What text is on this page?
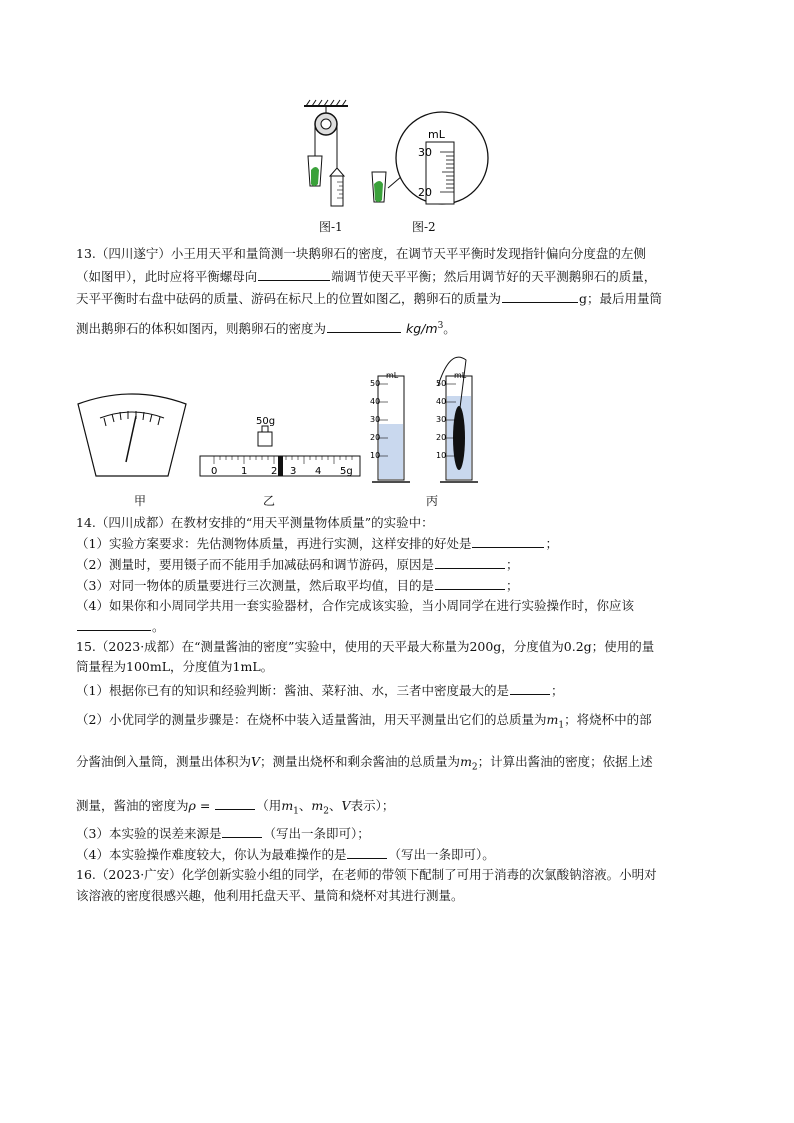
mL
30
20
图-1	图-2
13.（四川遂宁）小王用天平和量筒测一块鹅卵石的密度，在调节天平平衡时发现指针偏向分度盘的左侧
（如图甲），此时应将平衡螺母向	端调节使天平平衡；然后用调节好的天平测鹅卵石的质量，
天平平衡时右盘中砝码的质量、游码在标尺上的位置如图乙，鹅卵石的质量为	g；最后用量筒
测出鹅卵石的体积如图丙，则鹅卵石的密度为	$kg/m^3$。
50g
0 1 2 3 4 5g
50
40
30
20
10
mL
50
40
30
20
10
mL
甲	乙	丙
14.（四川成都）在教材安排的“用天平测量物体质量”的实验中：
（1）实验方案要求：先估测物体质量，再进行实测，这样安排的好处是	；
（2）测量时，要用镊子而不能用手加减砝码和调节游码，原因是	；
（3）对同一物体的质量要进行三次测量，然后取平均值，目的是	；
（4）如果你和小周同学共用一套实验器材，合作完成该实验，当小周同学在进行实验操作时，你应该
。
15.（2023·成都）在“测量酱油的密度”实验中，使用的天平最大称量为200g，分度值为0.2g；使用的量
筒量程为100mL，分度值为1mL。
（1）根据你已有的知识和经验判断：酱油、菜籽油、水，三者中密度最大的是	；
（2）小优同学的测量步骤是：在烧杯中装入适量酱油，用天平测量出它们的总质量为$m_1$；将烧杯中的部
分酱油倒入量筒，测量出体积为V；测量出烧杯和剩余酱油的总质量为$m_2$；计算出酱油的密度；依据上述
测量，酱油的密度为ρ =	（用$m_1$、$m_2$、V表示）；
（3）本实验的误差来源是	（写出一条即可）；
（4）本实验操作难度较大，你认为最难操作的是	（写出一条即可）。
16.（2023·广安）化学创新实验小组的同学，在老师的带领下配制了可用于消毒的次氯酸钠溶液。小明对
该溶液的密度很感兴趣，他利用托盘天平、量筒和烧杯对其进行测量。
